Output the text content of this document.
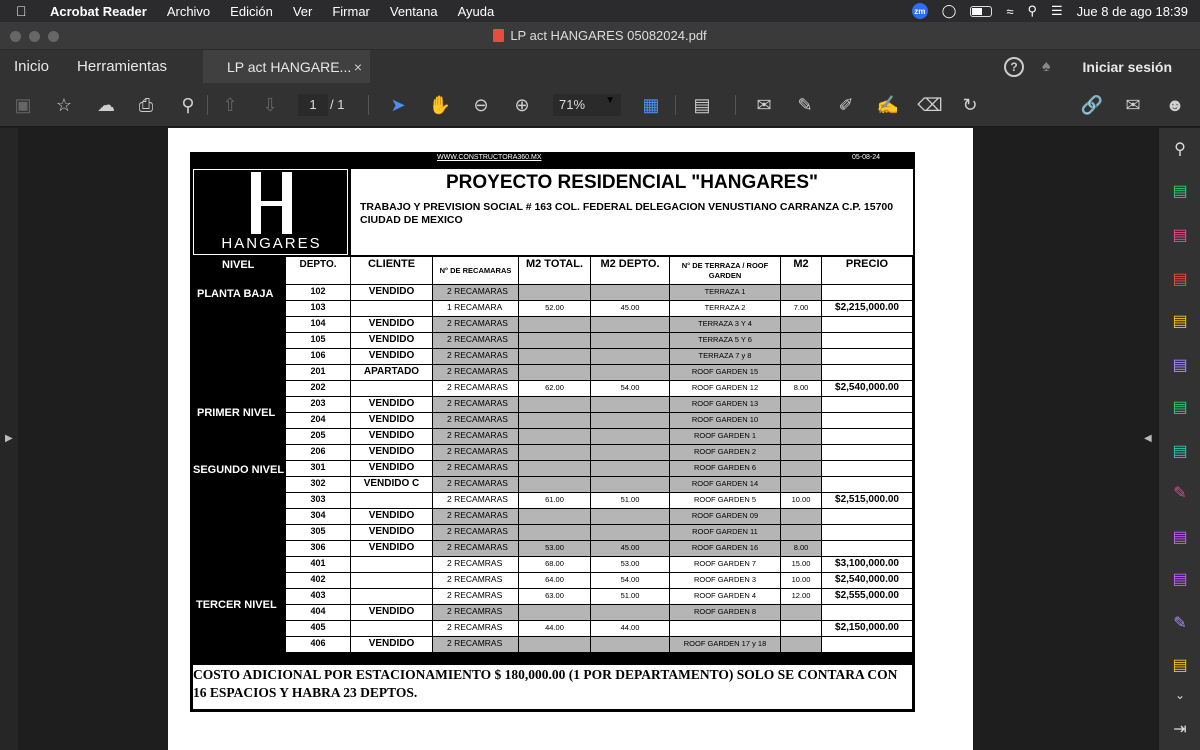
Acrobat Reader Archivo Edición Ver Firmar Ventana Ayuda	zm ◯	≈ ⚲ ☰ Jue 8 de ago 18:39
LP act HANGARES 05082024.pdf
Inicio	Herramientas	LP act HANGARE... ×	?	♠ Iniciar sesión
▣ ☆ ☁ ⎙	⚲	⇧ ⇩	1	/ 1	➤ ✋ ⊖ ⊕	71% ▼ ▦ ▤	✉ ✎ ✐ ✍ ⌫ ↻	🔗 ✉ ☻
▶	◀
⚲
▤
▤
▤
▤
▤
▤
▤
✎
▤
▤
✎
▤
⌄
⇥
WWW.CONSTRUCTORA360.MX	05-08-24
HANGARES
PROYECTO RESIDENCIAL "HANGARES"
TRABAJO Y PREVISION SOCIAL # 163 COL. FEDERAL DELEGACION VENUSTIANO CARRANZA C.P. 15700 CIUDAD DE MEXICO
NIVEL	DEPTO.	CLIENTE
N° DE RECAMARAS
M2 TOTAL.	M2 DEPTO.	N° DE TERRAZA / ROOF GARDEN
M2	PRECIO
PLANTA BAJA
PRIMER NIVEL
SEGUNDO NIVEL
TERCER NIVEL
102	VENDIDO	2 RECAMARAS	TERRAZA 1
103	1 RECAMARA	52.00	45.00	TERRAZA 2	7.00	$2,215,000.00
104	VENDIDO	2 RECAMARAS	TERRAZA 3 Y 4
105	VENDIDO	2 RECAMARAS	TERRAZA 5 Y 6
106	VENDIDO	2 RECAMARAS	TERRAZA 7 y 8
201	APARTADO	2 RECAMARAS	ROOF GARDEN 15
202	2 RECAMARAS	62.00	54.00	ROOF GARDEN 12	8.00	$2,540,000.00
203	VENDIDO	2 RECAMARAS	ROOF GARDEN 13
204	VENDIDO	2 RECAMARAS	ROOF GARDEN 10
205	VENDIDO	2 RECAMARAS	ROOF GARDEN 1
206	VENDIDO	2 RECAMARAS	ROOF GARDEN 2
301	VENDIDO	2 RECAMARAS	ROOF GARDEN 6
302	VENDIDO C	2 RECAMARAS	ROOF GARDEN 14
303	2 RECAMARAS	61.00	51.00	ROOF GARDEN 5	10.00	$2,515,000.00
304	VENDIDO	2 RECAMARAS	ROOF GARDEN 09
305	VENDIDO	2 RECAMARAS	ROOF GARDEN 11
306	VENDIDO	2 RECAMARAS	53.00	45.00	ROOF GARDEN 16	8.00
401	2 RECAMRAS	68.00	53.00	ROOF GARDEN 7	15.00	$3,100,000.00
402	2 RECAMRAS	64.00	54.00	ROOF GARDEN 3	10.00	$2,540,000.00
403	2 RECAMRAS	63.00	51.00	ROOF GARDEN 4	12.00	$2,555,000.00
404	VENDIDO	2 RECAMRAS	ROOF GARDEN 8
405	2 RECAMRAS	44.00	44.00	$2,150,000.00
406	VENDIDO	2 RECAMRAS	ROOF GARDEN 17 y 18
COSTO ADICIONAL POR ESTACIONAMIENTO $ 180,000.00 (1 POR DEPARTAMENTO) SOLO SE CONTARA CON 16 ESPACIOS Y HABRA 23 DEPTOS.
